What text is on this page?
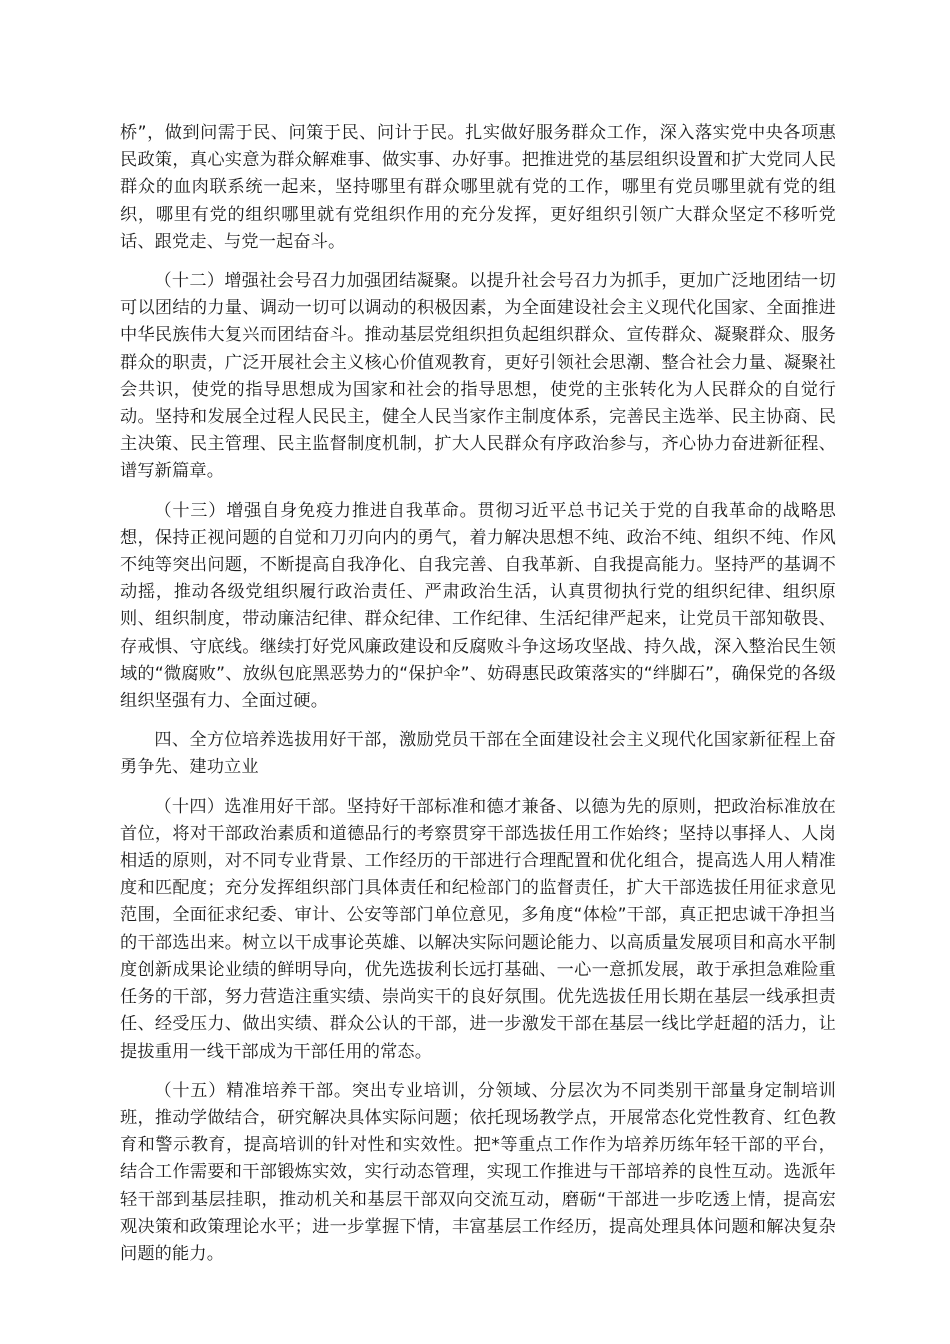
桥”，做到问需于民、问策于民、问计于民。扎实做好服务群众工作，深入落实党中央各项惠民政策，真心实意为群众解难事、做实事、办好事。把推进党的基层组织设置和扩大党同人民群众的血肉联系统一起来，坚持哪里有群众哪里就有党的工作，哪里有党员哪里就有党的组织，哪里有党的组织哪里就有党组织作用的充分发挥，更好组织引领广大群众坚定不移听党话、跟党走、与党一起奋斗。

（十二）增强社会号召力加强团结凝聚。以提升社会号召力为抓手，更加广泛地团结一切可以团结的力量、调动一切可以调动的积极因素，为全面建设社会主义现代化国家、全面推进中华民族伟大复兴而团结奋斗。推动基层党组织担负起组织群众、宣传群众、凝聚群众、服务群众的职责，广泛开展社会主义核心价值观教育，更好引领社会思潮、整合社会力量、凝聚社会共识，使党的指导思想成为国家和社会的指导思想，使党的主张转化为人民群众的自觉行动。坚持和发展全过程人民民主，健全人民当家作主制度体系，完善民主选举、民主协商、民主决策、民主管理、民主监督制度机制，扩大人民群众有序政治参与，齐心协力奋进新征程、谱写新篇章。

（十三）增强自身免疫力推进自我革命。贯彻习近平总书记关于党的自我革命的战略思想，保持正视问题的自觉和刀刃向内的勇气，着力解决思想不纯、政治不纯、组织不纯、作风不纯等突出问题，不断提高自我净化、自我完善、自我革新、自我提高能力。坚持严的基调不动摇，推动各级党组织履行政治责任、严肃政治生活，认真贯彻执行党的组织纪律、组织原则、组织制度，带动廉洁纪律、群众纪律、工作纪律、生活纪律严起来，让党员干部知敬畏、存戒惧、守底线。继续打好党风廉政建设和反腐败斗争这场攻坚战、持久战，深入整治民生领域的“微腐败”、放纵包庇黑恶势力的“保护伞”、妨碍惠民政策落实的“绊脚石”，确保党的各级组织坚强有力、全面过硬。

四、全方位培养选拔用好干部，激励党员干部在全面建设社会主义现代化国家新征程上奋勇争先、建功立业

（十四）选准用好干部。坚持好干部标准和德才兼备、以德为先的原则，把政治标准放在首位，将对干部政治素质和道德品行的考察贯穿干部选拔任用工作始终；坚持以事择人、人岗相适的原则，对不同专业背景、工作经历的干部进行合理配置和优化组合，提高选人用人精准度和匹配度；充分发挥组织部门具体责任和纪检部门的监督责任，扩大干部选拔任用征求意见范围，全面征求纪委、审计、公安等部门单位意见，多角度“体检”干部，真正把忠诚干净担当的干部选出来。树立以干成事论英雄、以解决实际问题论能力、以高质量发展项目和高水平制度创新成果论业绩的鲜明导向，优先选拔利长远打基础、一心一意抓发展，敢于承担急难险重任务的干部，努力营造注重实绩、崇尚实干的良好氛围。优先选拔任用长期在基层一线承担责任、经受压力、做出实绩、群众公认的干部，进一步激发干部在基层一线比学赶超的活力，让提拔重用一线干部成为干部任用的常态。

（十五）精准培养干部。突出专业培训，分领域、分层次为不同类别干部量身定制培训班，推动学做结合，研究解决具体实际问题；依托现场教学点，开展常态化党性教育、红色教育和警示教育，提高培训的针对性和实效性。把*等重点工作作为培养历练年轻干部的平台，结合工作需要和干部锻炼实效，实行动态管理，实现工作推进与干部培养的良性互动。选派年轻干部到基层挂职，推动机关和基层干部双向交流互动，磨砺“干部进一步吃透上情，提高宏观决策和政策理论水平；进一步掌握下情，丰富基层工作经历，提高处理具体问题和解决复杂问题的能力。
